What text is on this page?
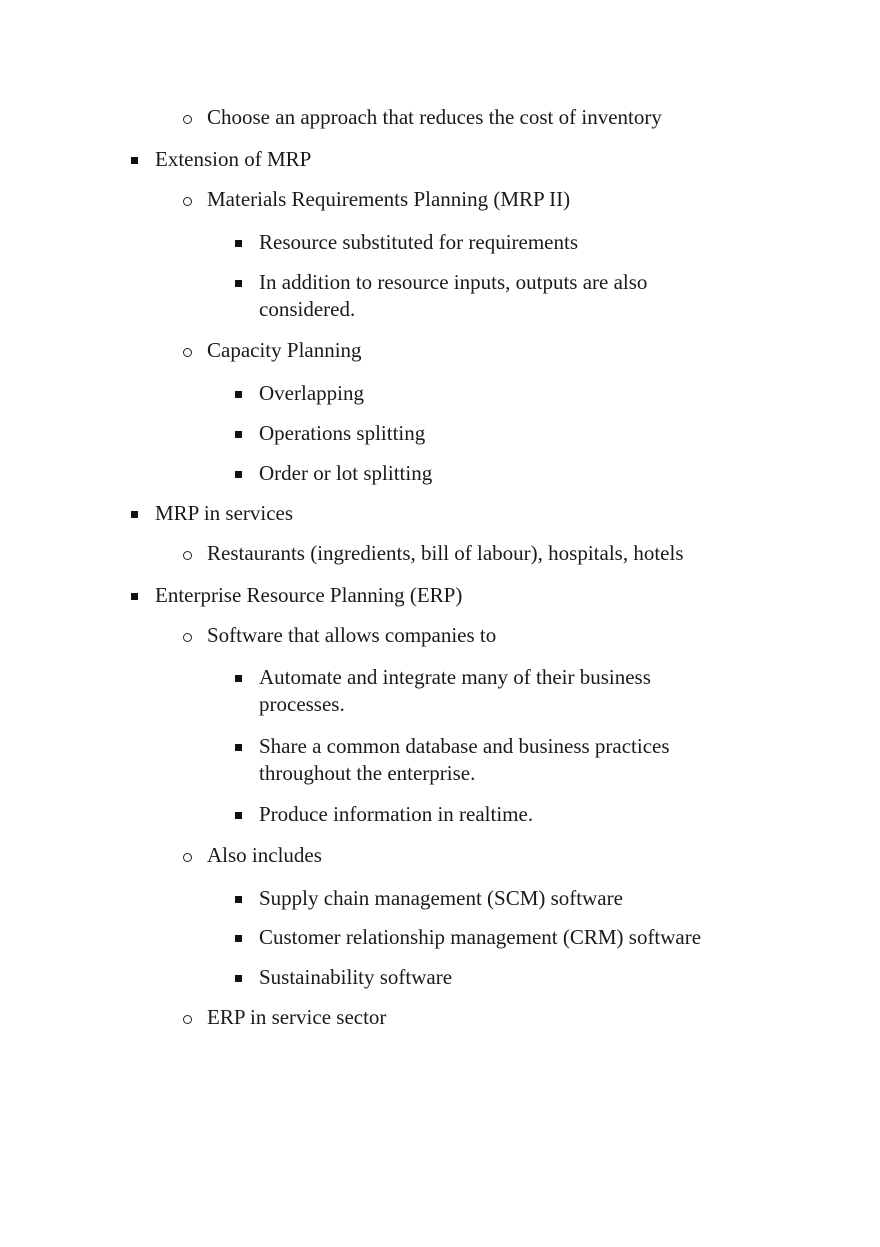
Choose an approach that reduces the cost of inventory

Extension of MRP

Materials Requirements Planning (MRP II)

Resource substituted for requirements

In addition to resource inputs, outputs are also

considered.

Capacity Planning

Overlapping

Operations splitting

Order or lot splitting

MRP in services

Restaurants (ingredients, bill of labour), hospitals, hotels

Enterprise Resource Planning (ERP)

Software that allows companies to

Automate and integrate many of their business

processes.

Share a common database and business practices

throughout the enterprise.

Produce information in realtime.

Also includes

Supply chain management (SCM) software

Customer relationship management (CRM) software

Sustainability software

ERP in service sector
